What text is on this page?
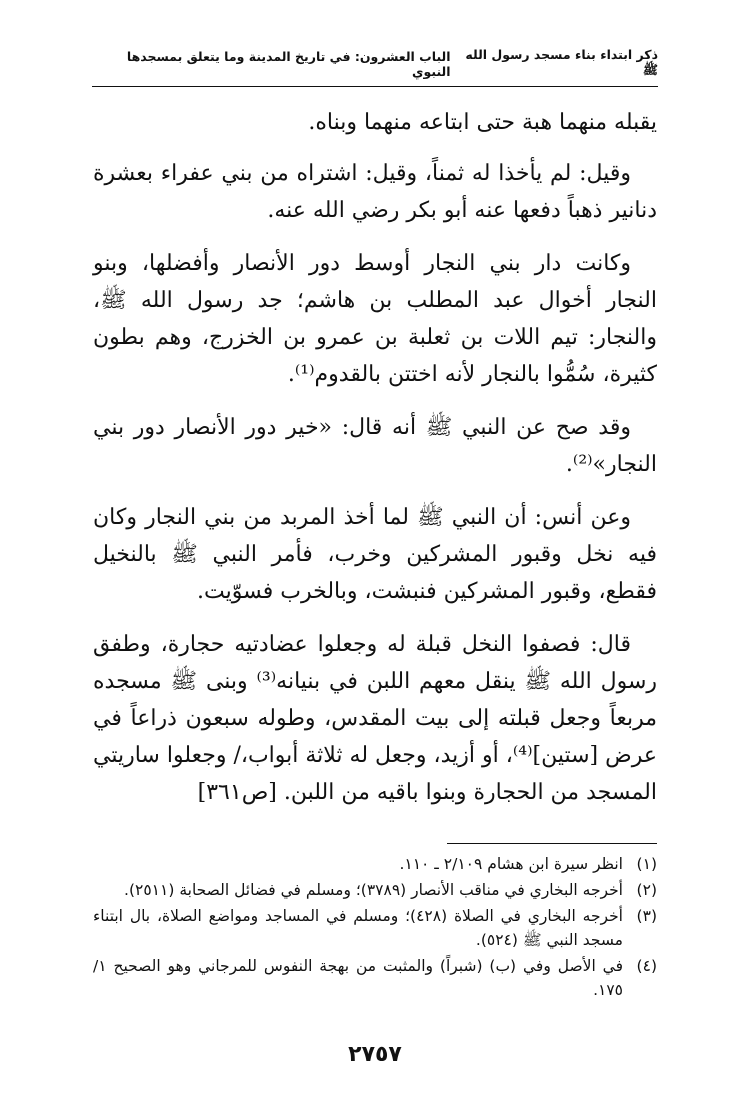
ذكر ابتداء بناء مسجد رسول الله ﷺ
الباب العشرون: في تاريخ المدينة وما يتعلق بمسجدها النبوي

يقبله منهما هبة حتى ابتاعه منهما وبناه.

وقيل: لم يأخذا له ثمناً، وقيل: اشتراه من بني عفراء بعشرة دنانير ذهباً دفعها عنه أبو بكر رضي الله عنه.

وكانت دار بني النجار أوسط دور الأنصار وأفضلها، وبنو النجار أخوال عبد المطلب بن هاشم؛ جد رسول الله ﷺ، والنجار: تيم اللات بن ثعلبة بن عمرو بن الخزرج، وهم بطون كثيرة، سُمُّوا بالنجار لأنه اختتن بالقدوم⁽¹⁾.

وقد صح عن النبي ﷺ أنه قال: «خير دور الأنصار دور بني النجار»⁽²⁾.

وعن أنس: أن النبي ﷺ لما أخذ المربد من بني النجار وكان فيه نخل وقبور المشركين وخرب، فأمر النبي ﷺ بالنخيل فقطع، وقبور المشركين فنبشت، وبالخرب فسوّيت.

قال: فصفوا النخل قبلة له وجعلوا عضادتيه حجارة، وطفق رسول الله ﷺ ينقل معهم اللبن في بنيانه⁽³⁾ وبنى ﷺ مسجده مربعاً وجعل قبلته إلى بيت المقدس، وطوله سبعون ذراعاً في عرض [ستين]⁽⁴⁾، أو أزيد، وجعل له ثلاثة أبواب،/ وجعلوا ساريتي المسجد من الحجارة وبنوا باقيه من اللبن. [ص٣٦١]

(١)
انظر سيرة ابن هشام ٢/١٠٩ ـ ١١٠.
(٢)
أخرجه البخاري في مناقب الأنصار (٣٧٨٩)؛ ومسلم في فضائل الصحابة (٢٥١١).
(٣)
أخرجه البخاري في الصلاة (٤٢٨)؛ ومسلم في المساجد ومواضع الصلاة، بال ابتناء مسجد النبي ﷺ (٥٢٤).
(٤)
في الأصل وفي (ب) (شبراً) والمثبت من بهجة النفوس للمرجاني وهو الصحيح ١/ ١٧٥.
٢٧٥٧
